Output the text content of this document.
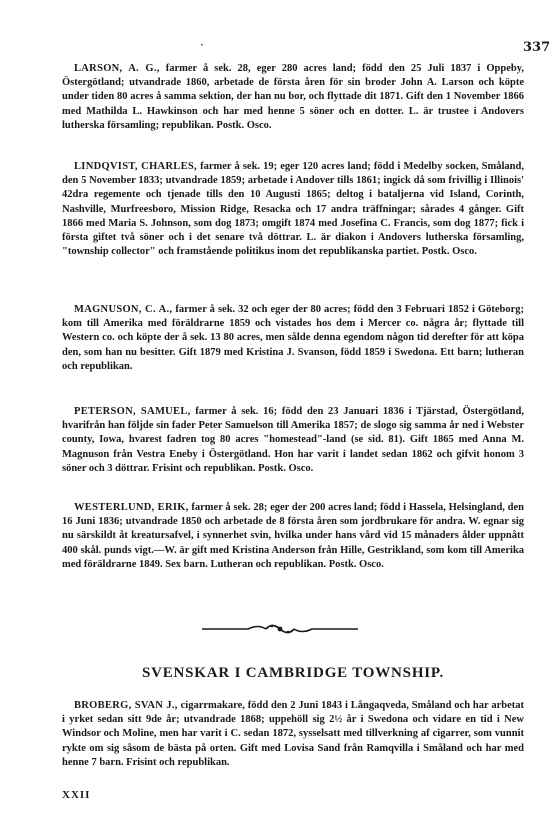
·	337

LARSON, A. G., farmer å sek. 28, eger 280 acres land; född den 25 Juli 1837 i Oppeby, Östergötland; utvandrade 1860, arbetade de första åren för sin broder John A. Larson och köpte under tiden 80 acres å samma sektion, der han nu bor, och flyttade dit 1871. Gift den 1 November 1866 med Mathilda L. Hawkinson och har med henne 5 söner och en dotter. L. är trustee i Andovers lutherska församling; republikan. Postk. Osco.

LINDQVIST, CHARLES, farmer å sek. 19; eger 120 acres land; född i Medelby socken, Småland, den 5 November 1833; utvandrade 1859; arbetade i Andover tills 1861; ingick då som frivillig i Illinois' 42dra regemente och tjenade tills den 10 Augusti 1865; deltog i bataljerna vid Island, Corinth, Nashville, Murfreesboro, Mission Ridge, Resacka och 17 andra träffningar; sårades 4 gånger. Gift 1866 med Maria S. Johnson, som dog 1873; omgift 1874 med Josefina C. Francis, som dog 1877; fick i första giftet två söner och i det senare två döttrar. L. är diakon i Andovers lutherska församling, "township collector" och framstående politikus inom det republikanska partiet. Postk. Osco.

MAGNUSON, C. A., farmer å sek. 32 och eger der 80 acres; född den 3 Februari 1852 i Göteborg; kom till Amerika med föräldrarne 1859 och vistades hos dem i Mercer co. några år; flyttade till Western co. och köpte der å sek. 13 80 acres, men sålde denna egendom någon tid derefter för att köpa den, som han nu besitter. Gift 1879 med Kristina J. Svanson, född 1859 i Swedona. Ett barn; lutheran och republikan.

PETERSON, SAMUEL, farmer å sek. 16; född den 23 Januari 1836 i Tjärstad, Östergötland, hvarifrån han följde sin fader Peter Samuelson till Amerika 1857; de slogo sig samma år ned i Webster county, Iowa, hvarest fadren tog 80 acres "homestead"-land (se sid. 81). Gift 1865 med Anna M. Magnuson från Vestra Eneby i Östergötland. Hon har varit i landet sedan 1862 och gifvit honom 3 söner och 3 döttrar. Frisint och republikan. Postk. Osco.

WESTERLUND, ERIK, farmer å sek. 28; eger der 200 acres land; född i Hassela, Helsingland, den 16 Juni 1836; utvandrade 1850 och arbetade de 8 första åren som jordbrukare för andra. W. egnar sig nu särskildt åt kreatursafvel, i synnerhet svin, hvilka under hans vård vid 15 månaders ålder uppnått 400 skål. punds vigt.—W. är gift med Kristina Anderson från Hille, Gestrikland, som kom till Amerika med föräldrarne 1849. Sex barn. Lutheran och republikan. Postk. Osco.

SVENSKAR I CAMBRIDGE TOWNSHIP.

BROBERG, SVAN J., cigarrmakare, född den 2 Juni 1843 i Långaqveda, Småland och har arbetat i yrket sedan sitt 9de år; utvandrade 1868; uppehöll sig 2½ år i Swedona och vidare en tid i New Windsor och Moline, men har varit i C. sedan 1872, sysselsatt med tillverkning af cigarrer, som vunnit rykte om sig såsom de bästa på orten. Gift med Lovisa Sand från Ramqvilla i Småland och har med henne 7 barn. Frisint och republikan.

XXII
